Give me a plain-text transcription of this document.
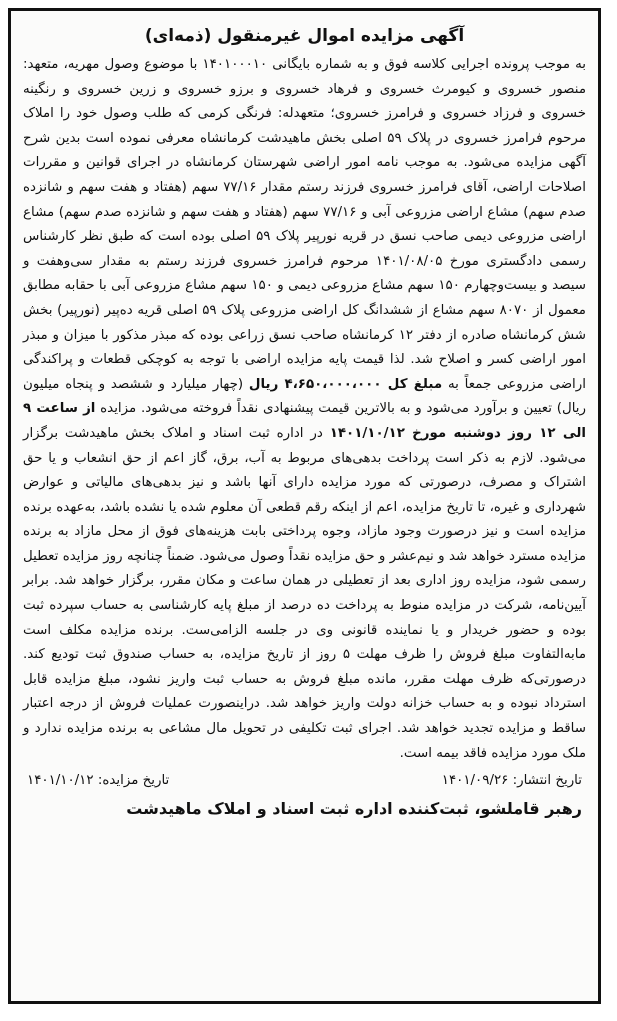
آگهی مزایده اموال غیرمنقول (ذمه‌ای)

به موجب پرونده اجرایی کلاسه فوق و به شماره بایگانی ۱۴۰۱۰۰۰۱۰ با موضوع وصول مهریه، متعهد: منصور خسروی و کیومرث خسروی و فرهاد خسروی و برزو خسروی و زرین خسروی و رنگینه خسروی و فرزاد خسروی و فرامرز خسروی؛ متعهدله: فرنگی کرمی که طلب وصول خود را املاک مرحوم فرامرز خسروی در پلاک ۵۹ اصلی بخش ماهیدشت کرمانشاه معرفی نموده است بدین شرح آگهی مزایده می‌شود. به موجب نامه امور اراضی شهرستان کرمانشاه در اجرای قوانین و مقررات اصلاحات اراضی، آقای فرامرز خسروی فرزند رستم مقدار ۷۷/۱۶ سهم (هفتاد و هفت سهم و شانزده صدم سهم) مشاع اراضی مزروعی آبی و ۷۷/۱۶ سهم (هفتاد و هفت سهم و شانزده صدم سهم) مشاع اراضی مزروعی دیمی صاحب نسق در قریه نورپیر پلاک ۵۹ اصلی بوده است که طبق نظر کارشناس رسمی دادگستری مورخ ۱۴۰۱/۰۸/۰۵ مرحوم فرامرز خسروی فرزند رستم به مقدار سی‌وهفت و سیصد و بیست‌وچهارم ۱۵۰ سهم مشاع مزروعی دیمی و ۱۵۰ سهم مشاع مزروعی آبی با حقابه مطابق معمول از ۸۰۷۰ سهم مشاع از ششدانگ کل اراضی مزروعی پلاک ۵۹ اصلی قریه ده‌پیر (نورپیر) بخش شش کرمانشاه صادره از دفتر ۱۲ کرمانشاه صاحب نسق زراعی بوده که مبذر مذکور با میزان و مبذر امور اراضی کسر و اصلاح شد. لذا قیمت پایه مزایده اراضی با توجه به کوچکی قطعات و پراکندگی اراضی مزروعی جمعاً به مبلغ کل ۴،۶۵۰،۰۰۰،۰۰۰ ریال (چهار میلیارد و ششصد و پنجاه میلیون ریال) تعیین و برآورد می‌شود و به بالاترین قیمت پیشنهادی نقداً فروخته می‌شود. مزایده از ساعت ۹ الی ۱۲ روز دوشنبه مورخ ۱۴۰۱/۱۰/۱۲ در اداره ثبت اسناد و املاک بخش ماهیدشت برگزار می‌شود. لازم به ذکر است پرداخت بدهی‌های مربوط به آب، برق، گاز اعم از حق انشعاب و یا حق اشتراک و مصرف، درصورتی که مورد مزایده دارای آنها باشد و نیز بدهی‌های مالیاتی و عوارض شهرداری و غیره، تا تاریخ مزایده، اعم از اینکه رقم قطعی آن معلوم شده یا نشده باشد، به‌عهده برنده مزایده است و نیز درصورت وجود مازاد، وجوه پرداختی بابت هزینه‌های فوق از محل مازاد به برنده مزایده مسترد خواهد شد و نیم‌عشر و حق مزایده نقداً وصول می‌شود. ضمناً چنانچه روز مزایده تعطیل رسمی شود، مزایده روز اداری بعد از تعطیلی در همان ساعت و مکان مقرر، برگزار خواهد شد. برابر آیین‌نامه، شرکت در مزایده منوط به پرداخت ده درصد از مبلغ پایه کارشناسی به حساب سپرده ثبت بوده و حضور خریدار و یا نماینده قانونی وی در جلسه الزامی‌ست. برنده مزایده مکلف است مابه‌التفاوت مبلغ فروش را ظرف مهلت ۵ روز از تاریخ مزایده، به حساب صندوق ثبت تودیع کند. درصورتی‌که ظرف مهلت مقرر، مانده مبلغ فروش به حساب ثبت واریز نشود، مبلغ مزایده قابل استرداد نبوده و به حساب خزانه دولت واریز خواهد شد. دراینصورت عملیات فروش از درجه اعتبار ساقط و مزایده تجدید خواهد شد. اجرای ثبت تکلیفی در تحویل مال مشاعی به برنده مزایده ندارد و ملک مورد مزایده فاقد بیمه است.

تاریخ انتشار: ۱۴۰۱/۰۹/۲۶
تاریخ مزایده: ۱۴۰۱/۱۰/۱۲
رهبر قاملشو، ثبت‌کننده اداره ثبت اسناد و املاک ماهیدشت
